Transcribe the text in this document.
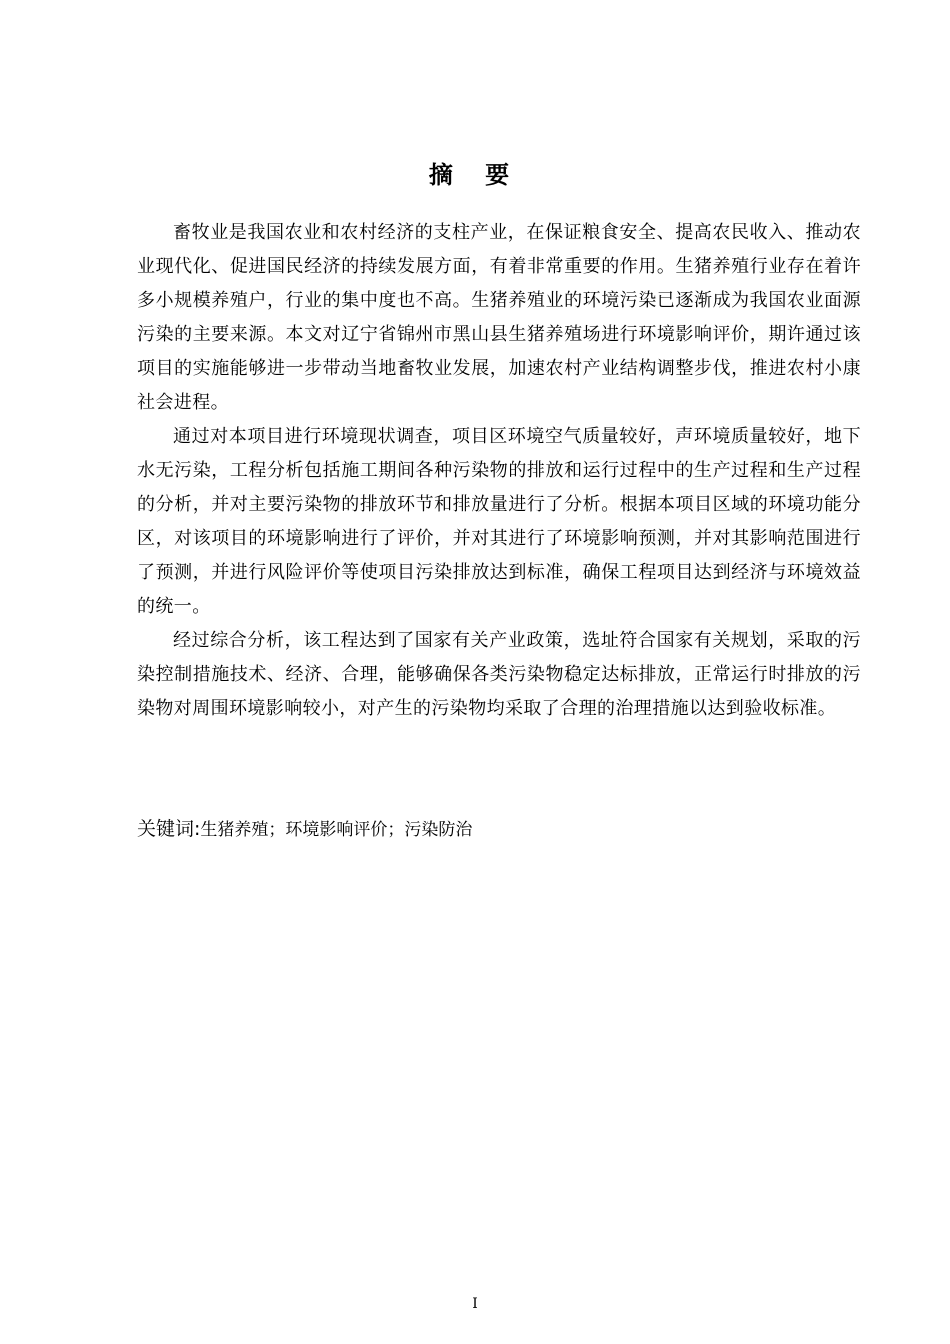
摘 要

畜牧业是我国农业和农村经济的支柱产业，在保证粮食安全、提高农民收入、推动农业现代化、促进国民经济的持续发展方面，有着非常重要的作用。生猪养殖行业存在着许多小规模养殖户，行业的集中度也不高。生猪养殖业的环境污染已逐渐成为我国农业面源污染的主要来源。本文对辽宁省锦州市黑山县生猪养殖场进行环境影响评价，期许通过该项目的实施能够进一步带动当地畜牧业发展，加速农村产业结构调整步伐，推进农村小康社会进程。

通过对本项目进行环境现状调查，项目区环境空气质量较好，声环境质量较好，地下水无污染，工程分析包括施工期间各种污染物的排放和运行过程中的生产过程和生产过程的分析，并对主要污染物的排放环节和排放量进行了分析。根据本项目区域的环境功能分区，对该项目的环境影响进行了评价，并对其进行了环境影响预测，并对其影响范围进行了预测，并进行风险评价等使项目污染排放达到标准，确保工程项目达到经济与环境效益的统一。

经过综合分析，该工程达到了国家有关产业政策，选址符合国家有关规划，采取的污染控制措施技术、经济、合理，能够确保各类污染物稳定达标排放，正常运行时排放的污染物对周围环境影响较小，对产生的污染物均采取了合理的治理措施以达到验收标准。

关键词:生猪养殖；环境影响评价；污染防治
I
